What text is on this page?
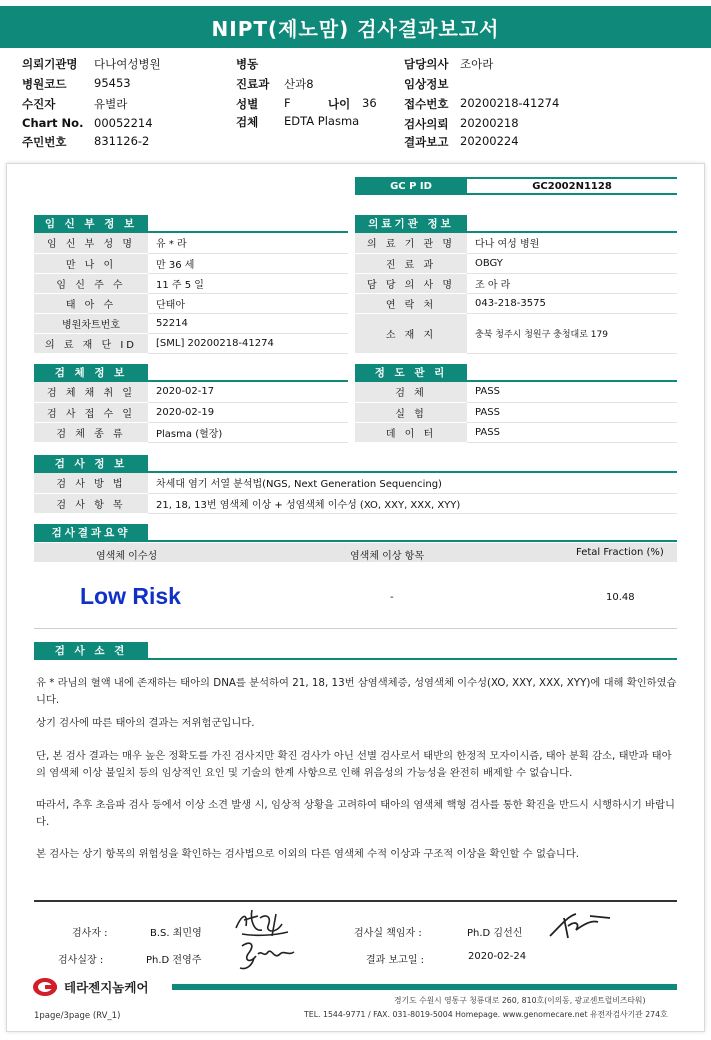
NIPT(제노맘) 검사결과보고서
의뢰기관명 다나여성병원
병원코드 95453
수진자	유별라
Chart No. 00052214
주민번호 831126-2
병동
진료과 산과8
성별 F	나이 36
검체 EDTA Plasma
담당의사 조아라
임상정보
접수번호 20200218-41274
검사의뢰 20200218
결과보고 20200224
GC P ID	GC2002N1128
임 신 부 정 보
임 신 부 성 명	유 * 라
만 나 이	만 36 세
임 신 주 수	11 주 5 일
태 아 수	단태아
병원차트번호	52214
의 료 재 단 ID	[SML] 20200218-41274
의료기관 정보
의 료 기 관 명	다나 여성 병원
진 료 과	OBGY
담 당 의 사 명	조 아 라
연 락 처	043-218-3575
소 재 지	충북 청주시 청원구 충청대로 179
검 체 정 보
검 체 채 취 일	2020-02-17
검 사 접 수 일	2020-02-19
검 체 종 류	Plasma (혈장)
정 도 관 리
검 체	PASS
실 험	PASS
데 이 터	PASS
검 사 정 보
검 사 방 법	차세대 염기 서열 분석법(NGS, Next Generation Sequencing)
검 사 항 목	21, 18, 13번 염색체 이상 + 성염색체 이수성 (XO, XXY, XXX, XYY)
검사결과요약
염색체 이수성	염색체 이상 항목	Fetal Fraction (%)
Low Risk	-	10.48
검 사 소 견
유 * 라님의 혈액 내에 존재하는 태아의 DNA를 분석하여 21, 18, 13번 삼염색체증, 성염색체 이수성(XO, XXY, XXX, XYY)에 대해 확인하였습니다.
상기 검사에 따른 태아의 결과는 저위험군입니다.
단, 본 검사 결과는 매우 높은 정확도를 가진 검사지만 확진 검사가 아닌 선별 검사로서 태반의 한정적 모자이시즘, 태아 분획 감소, 태반과 태아의 염색체 이상 불일치 등의 임상적인 요인 및 기술의 한계 사항으로 인해 위음성의 가능성을 완전히 배제할 수 없습니다.
따라서, 추후 초음파 검사 등에서 이상 소견 발생 시, 임상적 상황을 고려하여 태아의 염색체 핵형 검사를 통한 확진을 반드시 시행하시기 바랍니다.
본 검사는 상기 항목의 위험성을 확인하는 검사법으로 이외의 다른 염색체 수적 이상과 구조적 이상을 확인할 수 없습니다.
검사자 :	B.S. 최민영
검사실장 :	Ph.D 전영주
검사실 책임자 :	Ph.D 김선신
결과 보고일 :	2020-02-24
테라젠지놈케어
경기도 수원시 영통구 청룡대로 260, 810호(이의동, 광교센트럴비즈타워)
TEL. 1544-9771 / FAX. 031-8019-5004 Homepage. www.genomecare.net 유전자검사기관 274호
1page/3page (RV_1)
